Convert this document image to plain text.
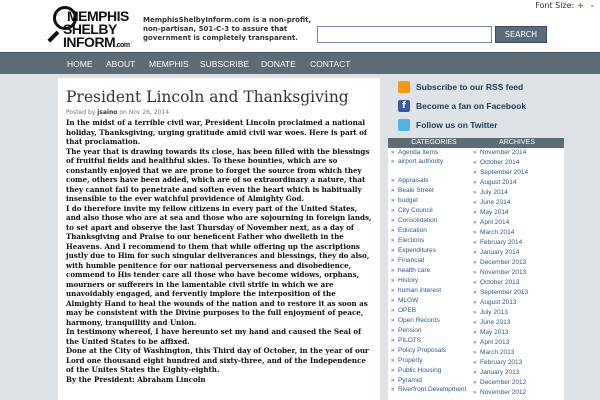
MEMPHIS
SHELBY
INFORM.com
MemphisShelbyInform.com is a non-profit, non-partisan, 501-C-3 to assure that government is completely transparent.
Font Size: + -
SEARCH
HOME ABOUT MEMPHIS SUBSCRIBE DONATE CONTACT
President Lincoln and Thanksgiving
Posted by jsaino on Nov 26, 2014

In the midst of a terrible civil war, President Lincoln proclaimed a national holiday, Thanksgiving, urging gratitude amid civil war woes. Here is part of that proclamation.

The year that is drawing towards its close, has been filled with the blessings of fruitful fields and healthful skies. To these bounties, which are so constantly enjoyed that we are prone to forget the source from which they come, others have been added, which are of so extraordinary a nature, that they cannot fail to penetrate and soften even the heart which is habitually insensible to the ever watchful providence of Almighty God.

I do therefore invite my fellow citizens in every part of the United States, and also those who are at sea and those who are sojourning in foreign lands, to set apart and observe the last Thursday of November next, as a day of Thanksgiving and Praise to our beneficent Father who dwelleth in the Heavens. And I recommend to them that while offering up the ascriptions justly due to Him for such singular deliverances and blessings, they do also, with humble penitence for our national perverseness and disobedience, commend to His tender care all those who have become widows, orphans, mourners or sufferers in the lamentable civil strife in which we are unavoidably engaged, and fervently implore the interposition of the Almighty Hand to heal the wounds of the nation and to restore it as soon as may be consistent with the Divine purposes to the full enjoyment of peace, harmony, tranquillity and Union.

In testimony whereof, I have hereunto set my hand and caused the Seal of the United States to be affixed.

Done at the City of Washington, this Third day of October, in the year of our Lord one thousand eight hundred and sixty-three, and of the Independence of the Unites States the Eighty-eighth.

By the President: Abraham Lincoln

Subscribe to our RSS feed
f	Become a fan on Facebook
Follow us on Twitter
CATEGORIES
» Agenda Items
» airport authority
» Appraisals
» Beale Street
» budget
» City Council
» Consolidation
» Education
» Elections
» Expenditures
» Financial
» health care
» History
» human interest
» MLGW
» OPEB
» Open Records
» Pension
» PILOTS
» Policy Proposals
» Property
» Public Housing
» Pyramid
» Riverfront Development
ARCHIVES
» November 2014
» October 2014
» September 2014
» August 2014
» July 2014
» June 2014
» May 2014
» April 2014
» March 2014
» February 2014
» January 2014
» December 2013
» November 2013
» October 2013
» September 2013
» August 2013
» July 2013
» June 2013
» May 2013
» April 2013
» March 2013
» February 2013
» January 2013
» December 2012
» November 2012
